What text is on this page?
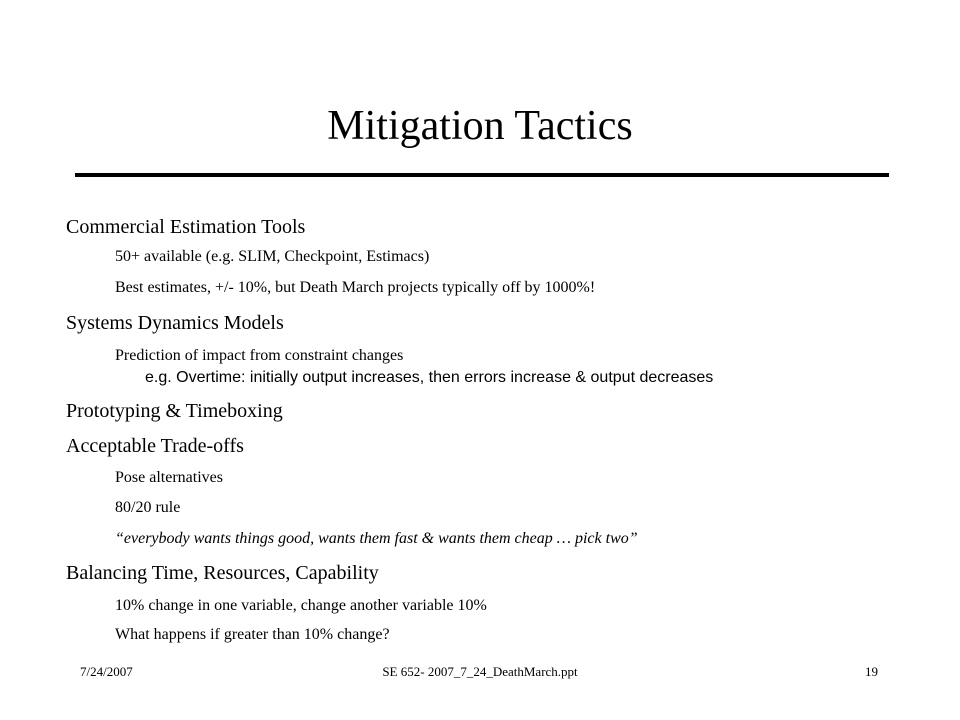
Mitigation Tactics
Commercial Estimation Tools
50+ available (e.g. SLIM, Checkpoint, Estimacs)
Best estimates, +/- 10%, but Death March projects typically off by 1000%!
Systems Dynamics Models
Prediction of impact from constraint changes
e.g. Overtime: initially output increases, then errors increase & output decreases
Prototyping & Timeboxing
Acceptable Trade-offs
Pose alternatives
80/20 rule
“everybody wants things good, wants them fast & wants them cheap … pick two”
Balancing Time, Resources, Capability
10% change in one variable, change another variable 10%
What happens if greater than 10% change?
7/24/2007	SE 652- 2007_7_24_DeathMarch.ppt	19
